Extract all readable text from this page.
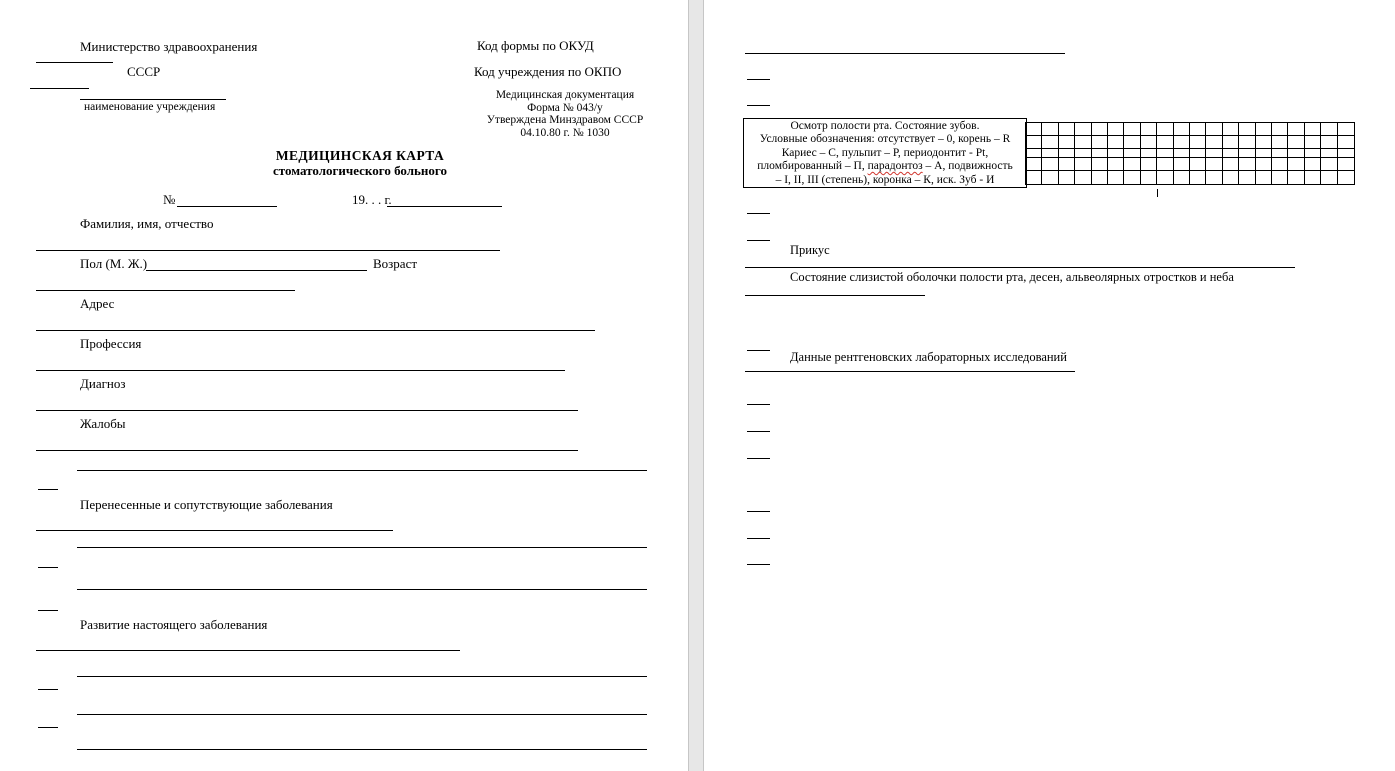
Министерство здравоохранения
СССР
наименование учреждения
Код формы по ОКУД
Код учреждения по ОКПО
Медицинская документация
Форма № 043/у
Утверждена Минздравом СССР
04.10.80 г. № 1030
МЕДИЦИНСКАЯ КАРТА
стоматологического больного
№	19. . . г.
Фамилия, имя, отчество
Пол (М. Ж.)	Возраст
Адрес
Профессия
Диагноз
Жалобы
Перенесенные и сопутствующие заболевания
Развитие настоящего заболевания
Осмотр полости рта. Состояние зубов.
Условные обозначения: отсутствует – 0, корень – R
Кариес – С, пульпит – Р, периодонтит - Pt,
пломбированный – П, парадонтоз – А, подвижность
– I, II, III (степень), коронка – К, иск. Зуб - И
Прикус
Состояние слизистой оболочки полости рта, десен, альвеолярных отростков и неба
Данные рентгеновских лабораторных исследований
